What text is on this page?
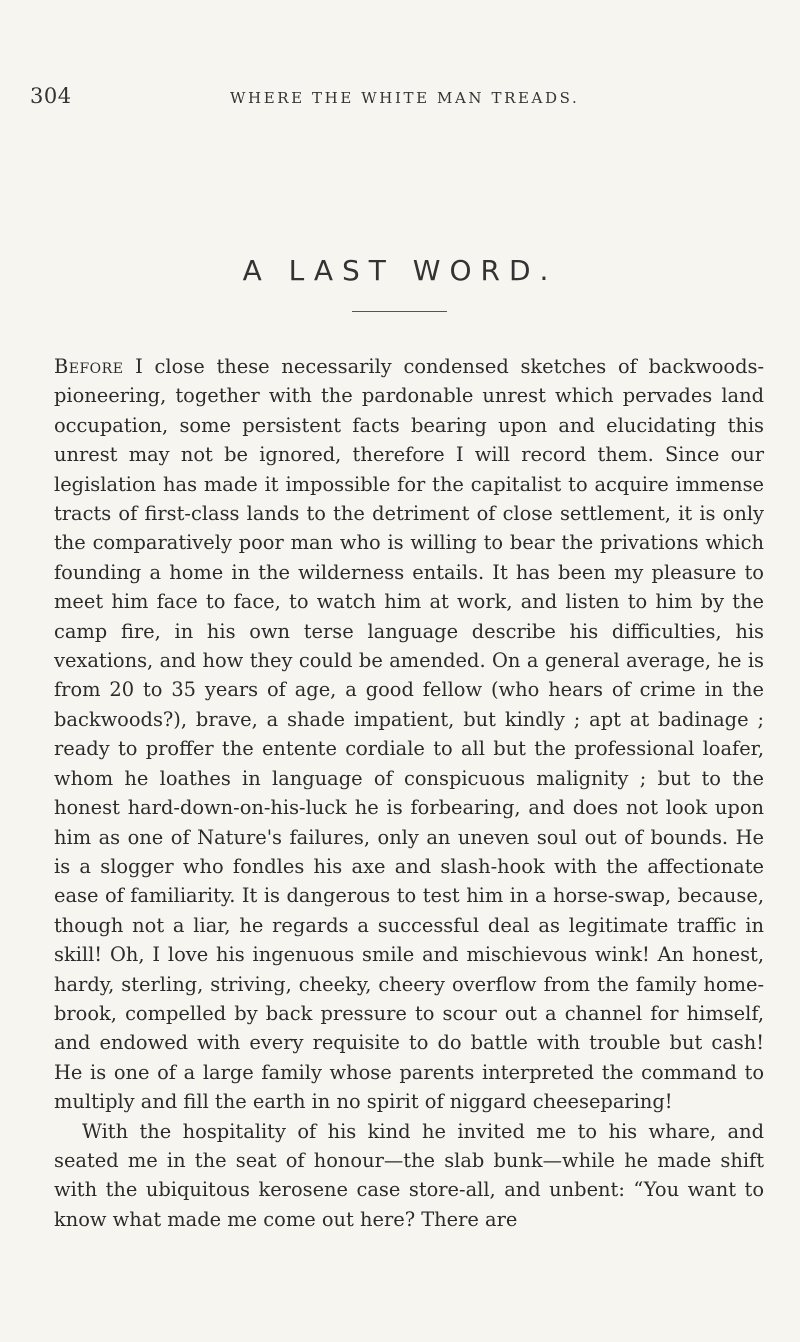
304	WHERE THE WHITE MAN TREADS.
A LAST WORD.

Before I close these necessarily condensed sketches of backwoods-pioneering, together with the pardonable unrest which pervades land occupation, some persistent facts bearing upon and elucidating this unrest may not be ignored, therefore I will record them. Since our legislation has made it impossible for the capitalist to acquire immense tracts of first-class lands to the detriment of close settlement, it is only the comparatively poor man who is willing to bear the privations which founding a home in the wilderness entails. It has been my pleasure to meet him face to face, to watch him at work, and listen to him by the camp fire, in his own terse language describe his difficulties, his vexations, and how they could be amended. On a general average, he is from 20 to 35 years of age, a good fellow (who hears of crime in the backwoods?), brave, a shade impatient, but kindly ; apt at badinage ; ready to proffer the entente cordiale to all but the professional loafer, whom he loathes in language of conspicuous malignity ; but to the honest hard-down-on-his-luck he is forbearing, and does not look upon him as one of Nature's failures, only an uneven soul out of bounds. He is a slogger who fondles his axe and slash-hook with the affectionate ease of familiarity. It is dangerous to test him in a horse-swap, because, though not a liar, he regards a successful deal as legitimate traffic in skill! Oh, I love his ingenuous smile and mischievous wink! An honest, hardy, sterling, striving, cheeky, cheery overflow from the family home-brook, compelled by back pressure to scour out a channel for himself, and endowed with every requisite to do battle with trouble but cash! He is one of a large family whose parents interpreted the command to multiply and fill the earth in no spirit of niggard cheeseparing!

With the hospitality of his kind he invited me to his whare, and seated me in the seat of honour—the slab bunk—while he made shift with the ubiquitous kerosene case store-all, and unbent: “You want to know what made me come out here? There are
